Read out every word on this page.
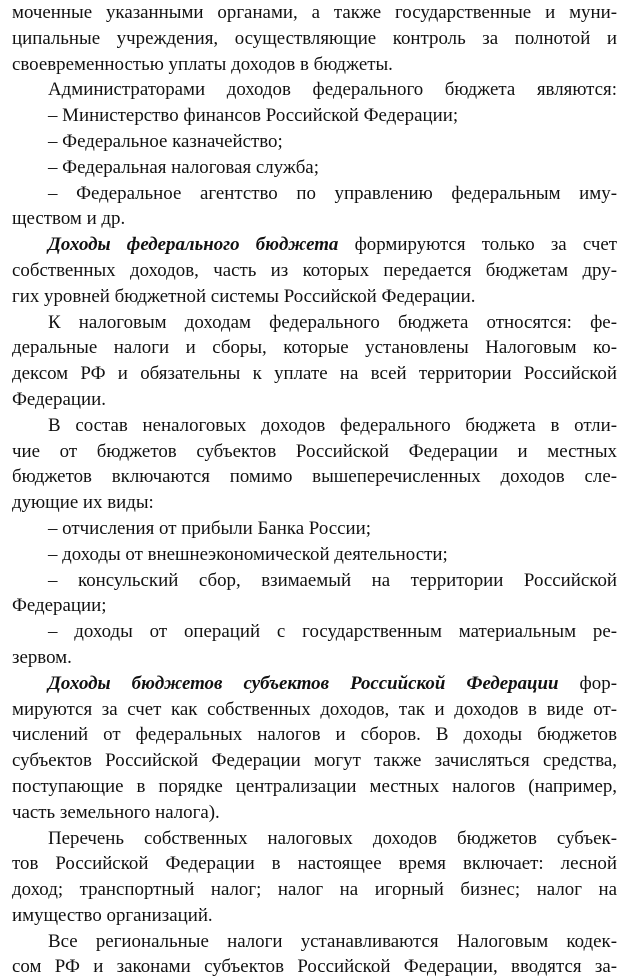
моченные указанными органами, а также государственные и муни-

ципальные учреждения, осуществляющие контроль за полнотой и

своевременностью уплаты доходов в бюджеты.

Администраторами доходов федерального бюджета являются:

– Министерство финансов Российской Федерации;

– Федеральное казначейство;

– Федеральная налоговая служба;

– Федеральное агентство по управлению федеральным иму-

ществом и др.

Доходы федерального бюджета формируются только за счет

собственных доходов, часть из которых передается бюджетам дру-

гих уровней бюджетной системы Российской Федерации.

К налоговым доходам федерального бюджета относятся: фе-

деральные налоги и сборы, которые установлены Налоговым ко-

дексом РФ и обязательны к уплате на всей территории Российской

Федерации.

В состав неналоговых доходов федерального бюджета в отли-

чие от бюджетов субъектов Российской Федерации и местных

бюджетов включаются помимо вышеперечисленных доходов сле-

дующие их виды:

– отчисления от прибыли Банка России;

– доходы от внешнеэкономической деятельности;

– консульский сбор, взимаемый на территории Российской

Федерации;

– доходы от операций с государственным материальным ре-

зервом.

Доходы бюджетов субъектов Российской Федерации фор-

мируются за счет как собственных доходов, так и доходов в виде от-

числений от федеральных налогов и сборов. В доходы бюджетов

субъектов Российской Федерации могут также зачисляться средства,

поступающие в порядке централизации местных налогов (например,

часть земельного налога).

Перечень собственных налоговых доходов бюджетов субъек-

тов Российской Федерации в настоящее время включает: лесной

доход; транспортный налог; налог на игорный бизнес; налог на

имущество организаций.

Все региональные налоги устанавливаются Налоговым кодек-

сом РФ и законами субъектов Российской Федерации, вводятся за-
